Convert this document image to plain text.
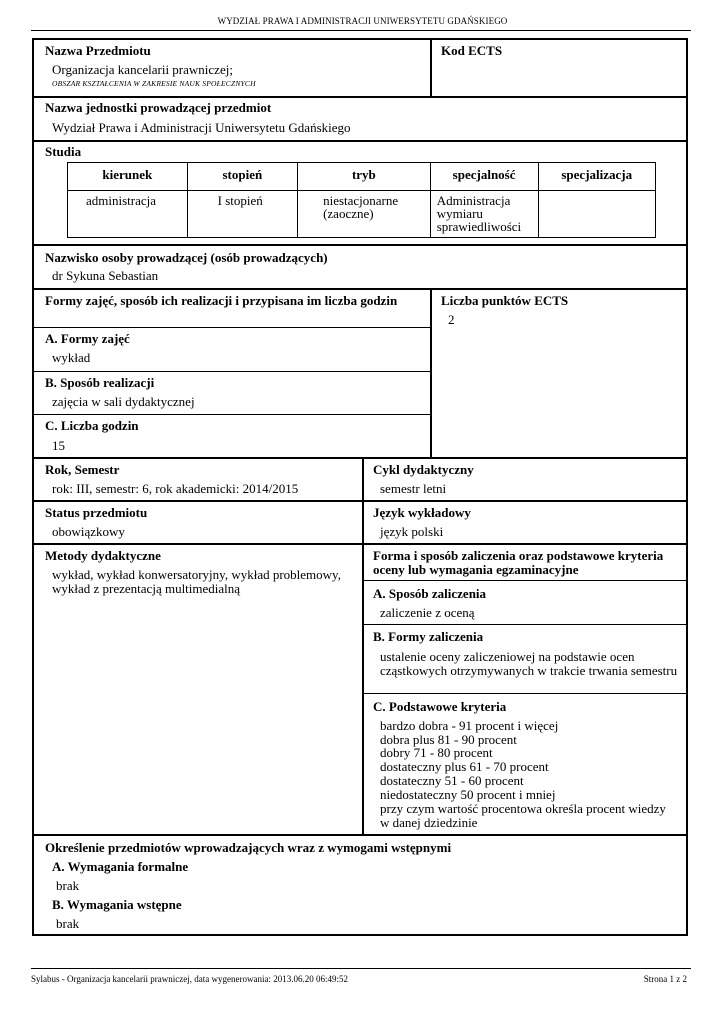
WYDZIAŁ PRAWA I ADMINISTRACJI UNIWERSYTETU GDAŃSKIEGO
Nazwa Przedmiotu
Organizacja kancelarii prawniczej;
OBSZAR KSZTAŁCENIA W ZAKRESIE NAUK SPOŁECZNYCH
Kod ECTS
Nazwa jednostki prowadzącej przedmiot
Wydział Prawa i Administracji Uniwersytetu Gdańskiego
Studia
kierunek	stopień	tryb	specjalność	specjalizacja
administracja	I stopień	niestacjonarne (zaoczne)	Administracja wymiaru sprawiedliwości	
Nazwisko osoby prowadzącej (osób prowadzących)
dr Sykuna Sebastian
Formy zajęć, sposób ich realizacji i przypisana im liczba godzin
A. Formy zajęć
wykład
B. Sposób realizacji
zajęcia w sali dydaktycznej
C. Liczba godzin
15
Liczba punktów ECTS
2
Rok, Semestr
rok: III, semestr: 6, rok akademicki: 2014/2015
Cykl dydaktyczny
semestr letni
Status przedmiotu
obowiązkowy
Język wykładowy
język polski
Metody dydaktyczne
wykład, wykład konwersatoryjny, wykład problemowy, wykład z prezentacją multimedialną
Forma i sposób zaliczenia oraz podstawowe kryteria oceny lub wymagania egzaminacyjne
A. Sposób zaliczenia
zaliczenie z oceną
B. Formy zaliczenia
ustalenie oceny zaliczeniowej na podstawie ocen cząstkowych otrzymywanych w trakcie trwania semestru
C. Podstawowe kryteria
bardzo dobra - 91 procent i więcej
dobra plus 81 - 90 procent
dobry 71 - 80 procent
dostateczny plus 61 - 70 procent
dostateczny 51 - 60 procent
niedostateczny 50 procent i mniej
przy czym wartość procentowa określa procent wiedzy w danej dziedzinie
Określenie przedmiotów wprowadzających wraz z wymogami wstępnymi
A. Wymagania formalne
brak
B. Wymagania wstępne
brak
Sylabus - Organizacja kancelarii prawniczej, data wygenerowania: 2013.06.20 06:49:52	Strona 1 z 2
